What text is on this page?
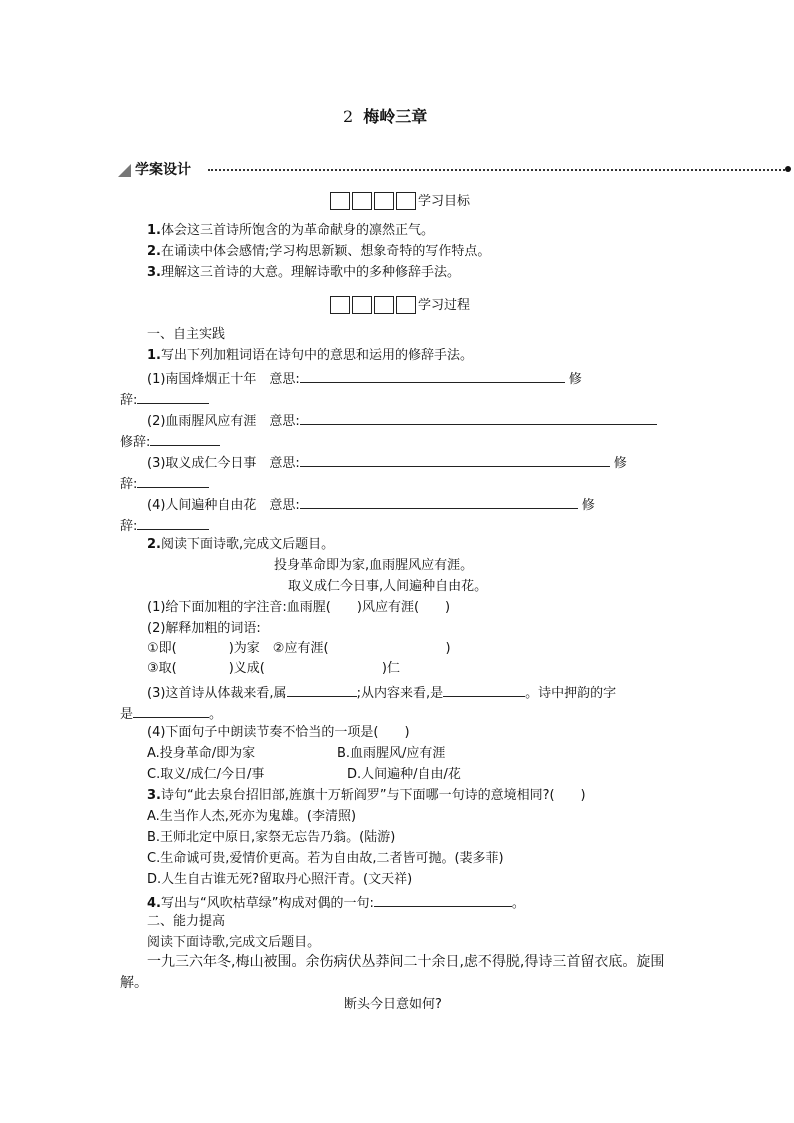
2 梅岭三章
学案设计
学习目标
1.体会这三首诗所饱含的为革命献身的凛然正气。
2.在诵读中体会感情;学习构思新颖、想象奇特的写作特点。
3.理解这三首诗的大意。理解诗歌中的多种修辞手法。
学习过程
一、自主实践
1.写出下列加粗词语在诗句中的意思和运用的修辞手法。
(1)南国烽烟正十年　意思:	修
辞:
(2)血雨腥风应有涯　意思:
修辞:
(3)取义成仁今日事　意思:	修
辞:
(4)人间遍种自由花　意思:	修
辞:
2.阅读下面诗歌,完成文后题目。
投身革命即为家,血雨腥风应有涯。
取义成仁今日事,人间遍种自由花。
(1)给下面加粗的字注音:血雨腥(　　)风应有涯(　　)
(2)解释加粗的词语:
①即(　　　　)为家　②应有涯(　　　　　　　　　)
③取(　　　　)义成(　　　　　　　　　)仁
(3)这首诗从体裁来看,属	;从内容来看,是	。诗中押韵的字
是	。
(4)下面句子中朗读节奏不恰当的一项是(　　)
A.投身革命/即为家	B.血雨腥风/应有涯
C.取义/成仁/今日/事	D.人间遍种/自由/花
3.诗句“此去泉台招旧部,旌旗十万斩阎罗”与下面哪一句诗的意境相同?(　　)
A.生当作人杰,死亦为鬼雄。(李清照)
B.王师北定中原日,家祭无忘告乃翁。(陆游)
C.生命诚可贵,爱情价更高。若为自由故,二者皆可抛。(裴多菲)
D.人生自古谁无死?留取丹心照汗青。(文天祥)
4.写出与“风吹枯草绿”构成对偶的一句:	。
二、能力提高
阅读下面诗歌,完成文后题目。
一九三六年冬,梅山被围。余伤病伏丛莽间二十余日,虑不得脱,得诗三首留衣底。旋围
解。
断头今日意如何?
